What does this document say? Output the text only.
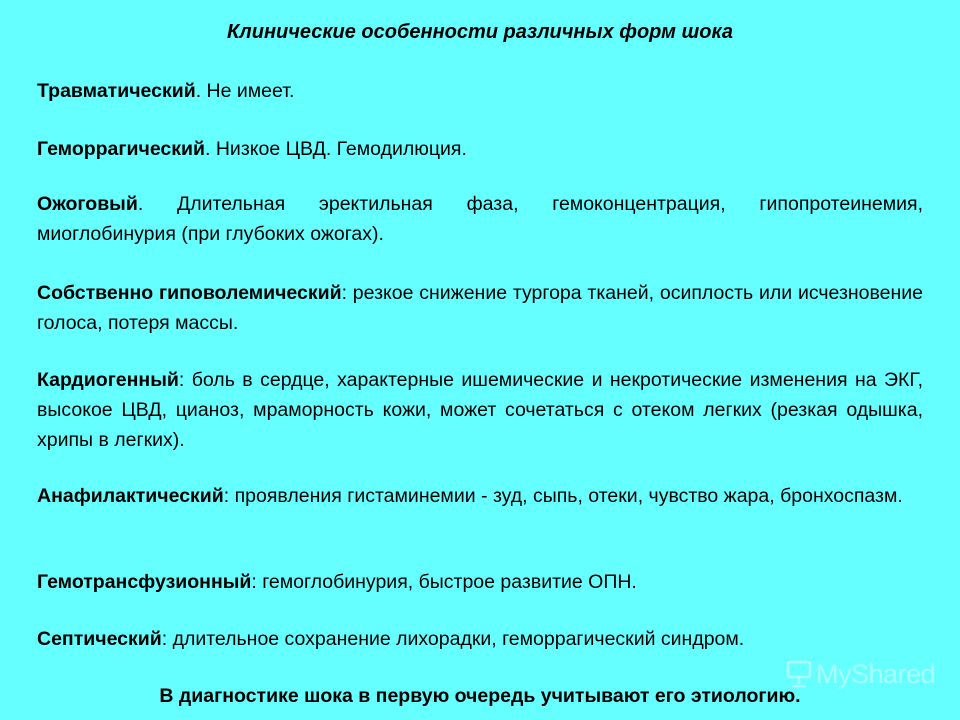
Клинические особенности различных форм шока

Травматический. Не имеет.

Геморрагический. Низкое ЦВД. Гемодилюция.

Ожоговый. Длительная эректильная фаза, гемоконцентрация, гипопротеинемия, миоглобинурия (при глубоких ожогах).

Собственно гиповолемический: резкое снижение тургора тканей, осиплость или исчезновение голоса, потеря массы.

Кардиогенный: боль в сердце, характерные ишемические и некротические изменения на ЭКГ, высокое ЦВД, цианоз, мраморность кожи, может сочетаться с отеком легких (резкая одышка, хрипы в легких).

Анафилактический: проявления гистаминемии - зуд, сыпь, отеки, чувство жара, бронхоспазм.

Гемотрансфузионный: гемоглобинурия, быстрое развитие ОПН.

Септический: длительное сохранение лихорадки, геморрагический синдром.

В диагностике шока в первую очередь учитывают его этиологию.
MyShared
